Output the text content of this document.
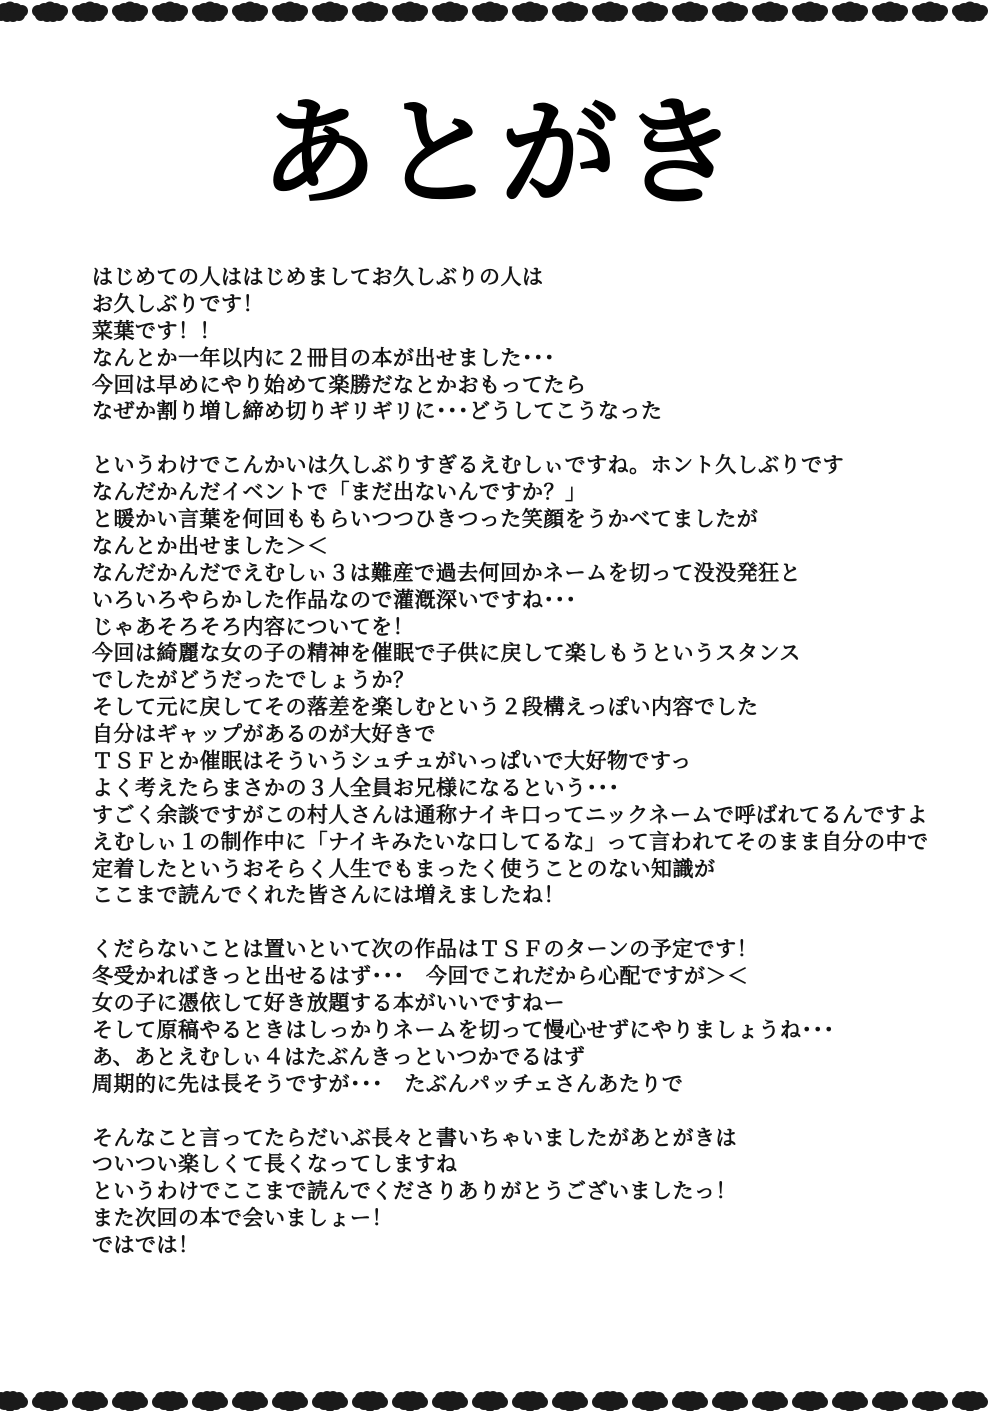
あとがき
はじめての人ははじめましてお久しぶりの人は
お久しぶりです！
菜葉です！！
なんとか一年以内に２冊目の本が出せました･･･
今回は早めにやり始めて楽勝だなとかおもってたら
なぜか割り増し締め切りギリギリに･･･どうしてこうなった
というわけでこんかいは久しぶりすぎるえむしぃですね。ホント久しぶりです
なんだかんだイベントで「まだ出ないんですか？」
と暖かい言葉を何回ももらいつつひきつった笑顔をうかべてましたが
なんとか出せました＞＜
なんだかんだでえむしぃ３は難産で過去何回かネームを切って没没発狂と
いろいろやらかした作品なので灌漑深いですね･･･
じゃあそろそろ内容についてを！
今回は綺麗な女の子の精神を催眠で子供に戻して楽しもうというスタンス
でしたがどうだったでしょうか？
そして元に戻してその落差を楽しむという２段構えっぽい内容でした
自分はギャップがあるのが大好きで
ＴＳＦとか催眠はそういうシュチュがいっぱいで大好物ですっ
よく考えたらまさかの３人全員お兄様になるという･･･
すごく余談ですがこの村人さんは通称ナイキ口ってニックネームで呼ばれてるんですよ
えむしぃ１の制作中に「ナイキみたいな口してるな」って言われてそのまま自分の中で
定着したというおそらく人生でもまったく使うことのない知識が
ここまで読んでくれた皆さんには増えましたね！
くだらないことは置いといて次の作品はＴＳＦのターンの予定です！
冬受かればきっと出せるはず･･･　今回でこれだから心配ですが＞＜
女の子に憑依して好き放題する本がいいですねー
そして原稿やるときはしっかりネームを切って慢心せずにやりましょうね･･･
あ、あとえむしぃ４はたぶんきっといつかでるはず
周期的に先は長そうですが･･･　たぶんパッチェさんあたりで
そんなこと言ってたらだいぶ長々と書いちゃいましたがあとがきは
ついつい楽しくて長くなってしますね
というわけでここまで読んでくださりありがとうございましたっ！
また次回の本で会いましょー！
ではでは！
